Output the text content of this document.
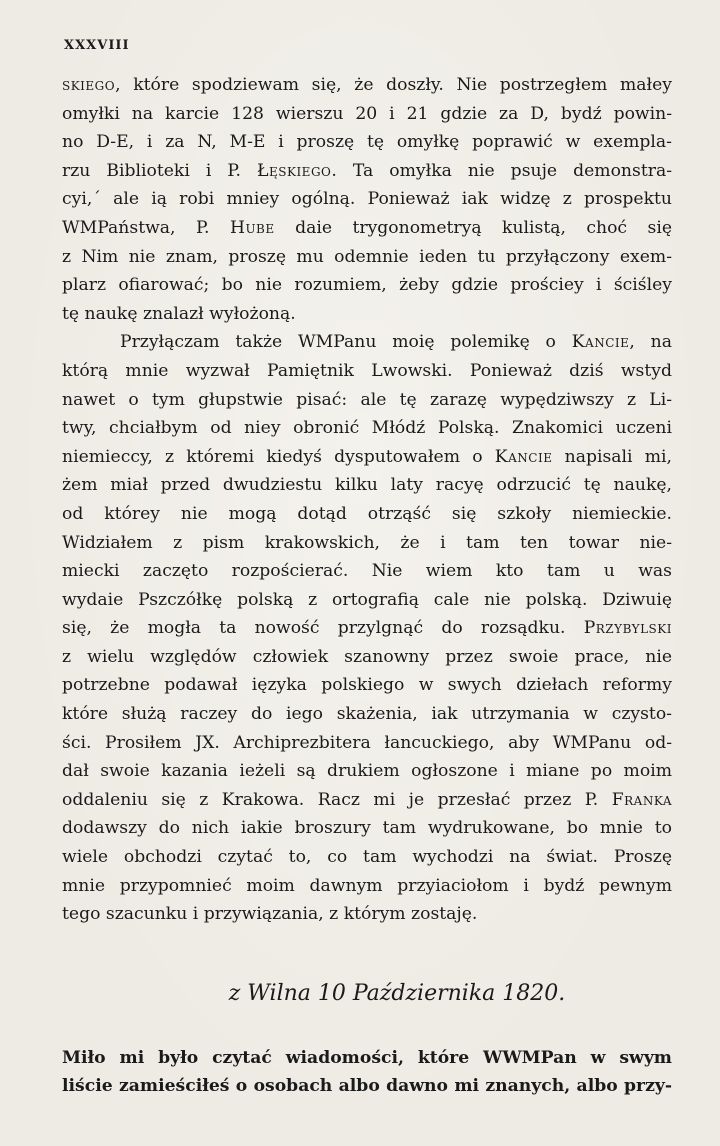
XXXVIII
skiego, które spodziewam się, że doszły. Nie postrzegłem małey
omyłki na karcie 128 wierszu 20 i 21 gdzie za D, bydź powin-
no D-E, i za N, M-E i proszę tę omyłkę poprawić w exempla-
rzu Biblioteki i P. Łęskiego. Ta omyłka nie psuje demonstra-
cyi,´ ale ią robi mniey ogólną. Ponieważ iak widzę z prospektu
WMPaństwa, P. Hube daie trygonometryą kulistą, choć się
z Nim nie znam, proszę mu odemnie ieden tu przyłączony exem-
plarz ofiarować; bo nie rozumiem, żeby gdzie prościey i ściśley
tę naukę znalazł wyłożoną.
Przyłączam także WMPanu moię polemikę o Kancie, na
którą mnie wyzwał Pamiętnik Lwowski. Ponieważ dziś wstyd
nawet o tym głupstwie pisać: ale tę zarazę wypędziwszy z Li-
twy, chciałbym od niey obronić Młódź Polską. Znakomici uczeni
niemieccy, z któremi kiedyś dysputowałem o Kancie napisali mi,
żem miał przed dwudziestu kilku laty racyę odrzucić tę naukę,
od którey nie mogą dotąd otrząść się szkoły niemieckie.
Widziałem z pism krakowskich, że i tam ten towar nie-
miecki zaczęto rozpościerać. Nie wiem kto tam u was
wydaie Pszczółkę polską z ortografią cale nie polską. Dziwuię
się, że mogła ta nowość przylgnąć do rozsądku. Przybylski
z wielu względów człowiek szanowny przez swoie prace, nie
potrzebne podawał ięzyka polskiego w swych dziełach reformy
które służą raczey do iego skażenia, iak utrzymania w czysto-
ści. Prosiłem JX. Archiprezbitera łancuckiego, aby WMPanu od-
dał swoie kazania ieżeli są drukiem ogłoszone i miane po moim
oddaleniu się z Krakowa. Racz mi je przesłać przez P. Franka
dodawszy do nich iakie broszury tam wydrukowane, bo mnie to
wiele obchodzi czytać to, co tam wychodzi na świat. Proszę
mnie przypomnieć moim dawnym przyiaciołom i bydź pewnym
tego szacunku i przywiązania, z którym zostaję.
z Wilna 10 Października 1820.
Miło mi było czytać wiadomości, które WWMPan w swym
liście zamieściłeś o osobach albo dawno mi znanych, albo przy-
